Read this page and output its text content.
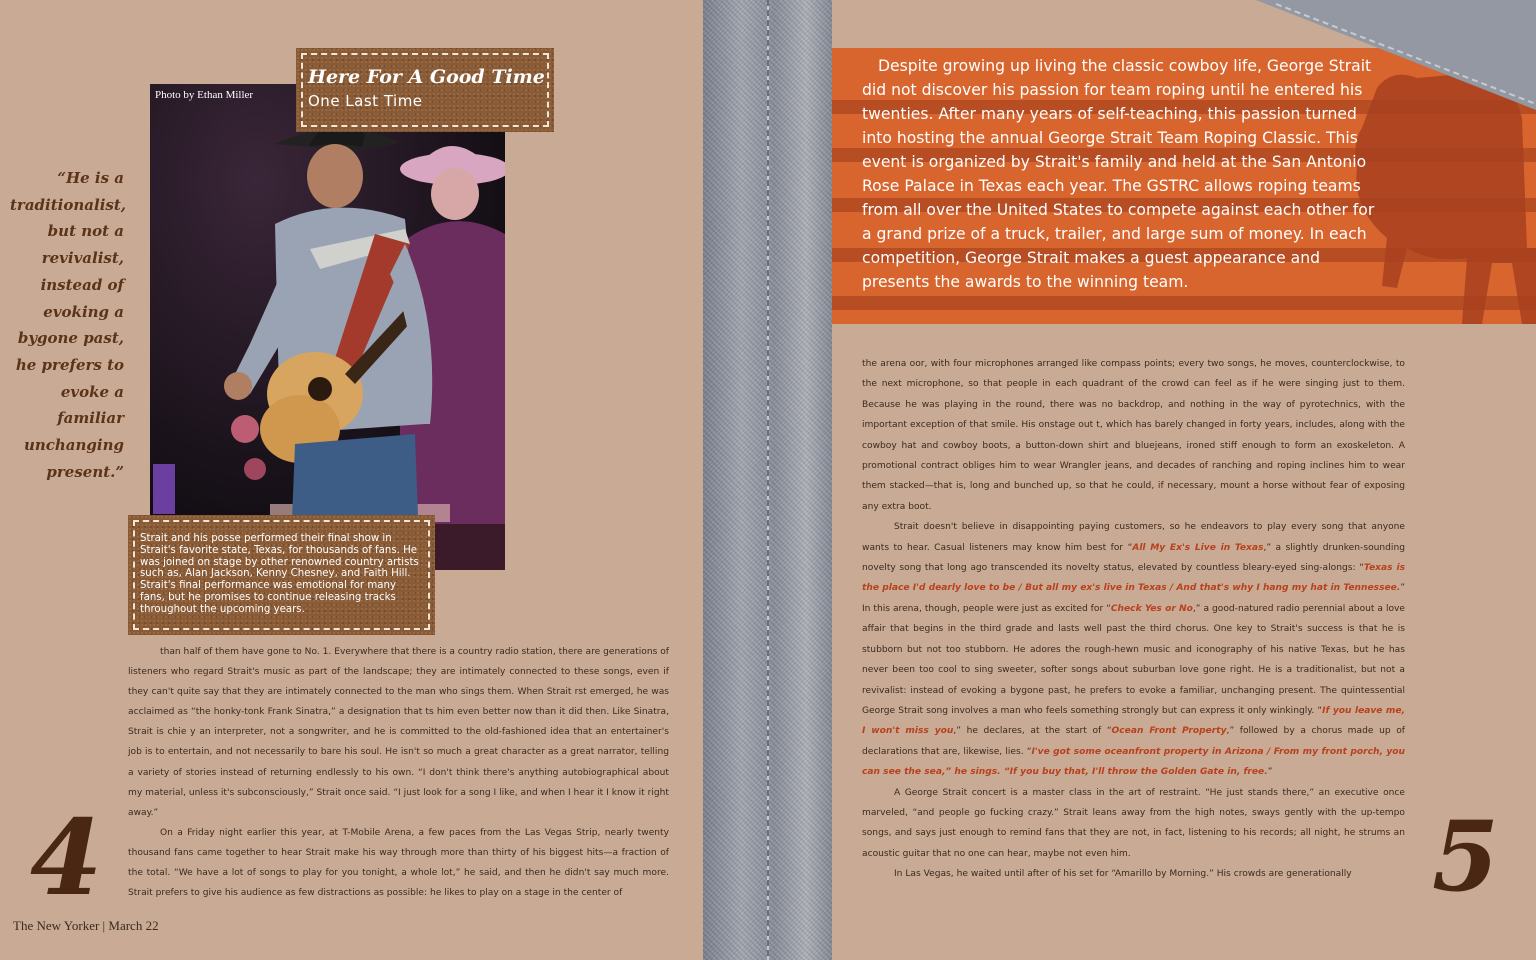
“He is a traditionalist, but not a revivalist, instead of evoking a bygone past, he prefers to evoke a familiar unchanging present.”
Photo by Ethan Miller
Here For A Good Time
One Last Time
Strait and his posse performed their final show in Strait's favorite state, Texas, for thousands of fans. He was joined on stage by other renowned country artists such as, Alan Jackson, Kenny Chesney, and Faith Hill. Strait's final performance was emotional for many fans, but he promises to continue releasing tracks throughout the upcoming years.

than half of them have gone to No. 1. Everywhere that there is a country radio station, there are generations of listeners who regard Strait's music as part of the landscape; they are intimately connected to these songs, even if they can't quite say that they are intimately connected to the man who sings them. When Strait rst emerged, he was acclaimed as “the honky-tonk Frank Sinatra,” a designation that ts him even better now than it did then. Like Sinatra, Strait is chie y an interpreter, not a songwriter, and he is committed to the old-fashioned idea that an entertainer's job is to entertain, and not necessarily to bare his soul. He isn't so much a great character as a great narrator, telling a variety of stories instead of returning endlessly to his own. “I don't think there's anything autobiographical about my material, unless it's subconsciously,” Strait once said. “I just look for a song I like, and when I hear it I know it right away.”

On a Friday night earlier this year, at T-Mobile Arena, a few paces from the Las Vegas Strip, nearly twenty thousand fans came together to hear Strait make his way through more than thirty of his biggest hits—a fraction of the total. “We have a lot of songs to play for you tonight, a whole lot,” he said, and then he didn't say much more. Strait prefers to give his audience as few distractions as possible: he likes to play on a stage in the center of

4
The New Yorker | March 22
Despite growing up living the classic cowboy life, George Strait did not discover his passion for team roping until he entered his twenties. After many years of self-teaching, this passion turned into hosting the annual George Strait Team Roping Classic. This event is organized by Strait's family and held at the San Antonio Rose Palace in Texas each year. The GSTRC allows roping teams from all over the United States to compete against each other for a grand prize of a truck, trailer, and large sum of money. In each competition, George Strait makes a guest appearance and presents the awards to the winning team.

the arena oor, with four microphones arranged like compass points; every two songs, he moves, counterclockwise, to the next microphone, so that people in each quadrant of the crowd can feel as if he were singing just to them. Because he was playing in the round, there was no backdrop, and nothing in the way of pyrotechnics, with the important exception of that smile. His onstage out t, which has barely changed in forty years, includes, along with the cowboy hat and cowboy boots, a button-down shirt and bluejeans, ironed stiff enough to form an exoskeleton. A promotional contract obliges him to wear Wrangler jeans, and decades of ranching and roping inclines him to wear them stacked—that is, long and bunched up, so that he could, if necessary, mount a horse without fear of exposing any extra boot.

Strait doesn't believe in disappointing paying customers, so he endeavors to play every song that anyone wants to hear. Casual listeners may know him best for “All My Ex's Live in Texas,” a slightly drunken-sounding novelty song that long ago transcended its novelty status, elevated by countless bleary-eyed sing-alongs: “Texas is the place I'd dearly love to be / But all my ex's live in Texas / And that's why I hang my hat in Tennessee.” In this arena, though, people were just as excited for “Check Yes or No,” a good-natured radio perennial about a love affair that begins in the third grade and lasts well past the third chorus. One key to Strait's success is that he is stubborn but not too stubborn. He adores the rough-hewn music and iconography of his native Texas, but he has never been too cool to sing sweeter, softer songs about suburban love gone right. He is a traditionalist, but not a revivalist: instead of evoking a bygone past, he prefers to evoke a familiar, unchanging present. The quintessential George Strait song involves a man who feels something strongly but can express it only winkingly. “If you leave me, I won't miss you,” he declares, at the start of “Ocean Front Property,” followed by a chorus made up of declarations that are, likewise, lies. “I've got some oceanfront property in Arizona / From my front porch, you can see the sea,” he sings. “If you buy that, I'll throw the Golden Gate in, free.”

A George Strait concert is a master class in the art of restraint. “He just stands there,” an executive once marveled, “and people go fucking crazy.” Strait leans away from the high notes, sways gently with the up-tempo songs, and says just enough to remind fans that they are not, in fact, listening to his records; all night, he strums an acoustic guitar that no one can hear, maybe not even him.

In Las Vegas, he waited until after of his set for “Amarillo by Morning.” His crowds are generationally 5
